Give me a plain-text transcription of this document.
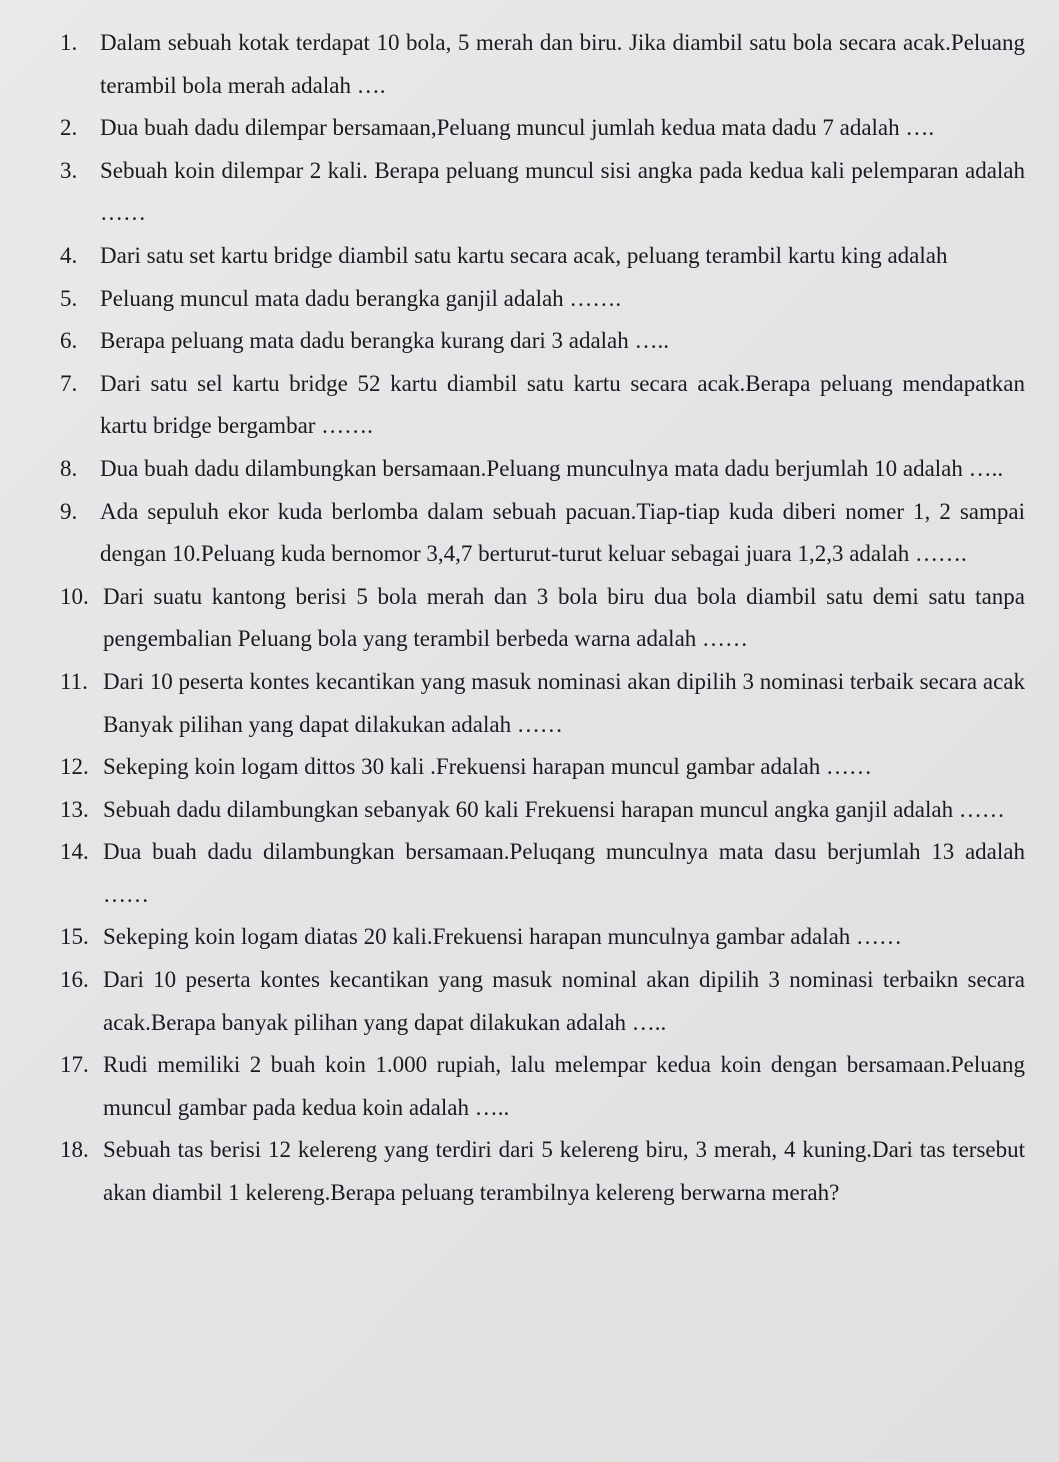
1. Dalam sebuah kotak terdapat 10 bola, 5 merah dan biru. Jika diambil satu bola secara acak.Peluang terambil bola merah adalah ….
2. Dua buah dadu dilempar bersamaan,Peluang muncul jumlah kedua mata dadu 7 adalah ….
3. Sebuah koin dilempar 2 kali. Berapa peluang muncul sisi angka pada kedua kali pelemparan adalah ……
4. Dari satu set kartu bridge diambil satu kartu secara acak, peluang terambil kartu king adalah
5. Peluang muncul mata dadu berangka ganjil adalah …….
6. Berapa peluang mata dadu berangka kurang dari 3 adalah …..
7. Dari satu sel kartu bridge 52 kartu diambil satu kartu secara acak.Berapa peluang mendapatkan kartu bridge bergambar …….
8. Dua buah dadu dilambungkan bersamaan.Peluang munculnya mata dadu berjumlah 10 adalah …..
9. Ada sepuluh ekor kuda berlomba dalam sebuah pacuan.Tiap-tiap kuda diberi nomer 1, 2 sampai dengan 10.Peluang kuda bernomor 3,4,7 berturut-turut keluar sebagai juara 1,2,3 adalah …….
10. Dari suatu kantong berisi 5 bola merah dan 3 bola biru dua bola diambil satu demi satu tanpa pengembalian Peluang bola yang terambil berbeda warna adalah ……
11. Dari 10 peserta kontes kecantikan yang masuk nominasi akan dipilih 3 nominasi terbaik secara acak Banyak pilihan yang dapat dilakukan adalah ……
12. Sekeping koin logam dittos 30 kali .Frekuensi harapan muncul gambar adalah ……
13. Sebuah dadu dilambungkan sebanyak 60 kali Frekuensi harapan muncul angka ganjil adalah ……
14. Dua buah dadu dilambungkan bersamaan.Peluqang munculnya mata dasu berjumlah 13 adalah ……
15. Sekeping koin logam diatas 20 kali.Frekuensi harapan munculnya gambar adalah ……
16. Dari 10 peserta kontes kecantikan yang masuk nominal akan dipilih 3 nominasi terbaikn secara acak.Berapa banyak pilihan yang dapat dilakukan adalah …..
17. Rudi memiliki 2 buah koin 1.000 rupiah, lalu melempar kedua koin dengan bersamaan.Peluang muncul gambar pada kedua koin adalah …..
18. Sebuah tas berisi 12 kelereng yang terdiri dari 5 kelereng biru, 3 merah, 4 kuning.Dari tas tersebut akan diambil 1 kelereng.Berapa peluang terambilnya kelereng berwarna merah?
